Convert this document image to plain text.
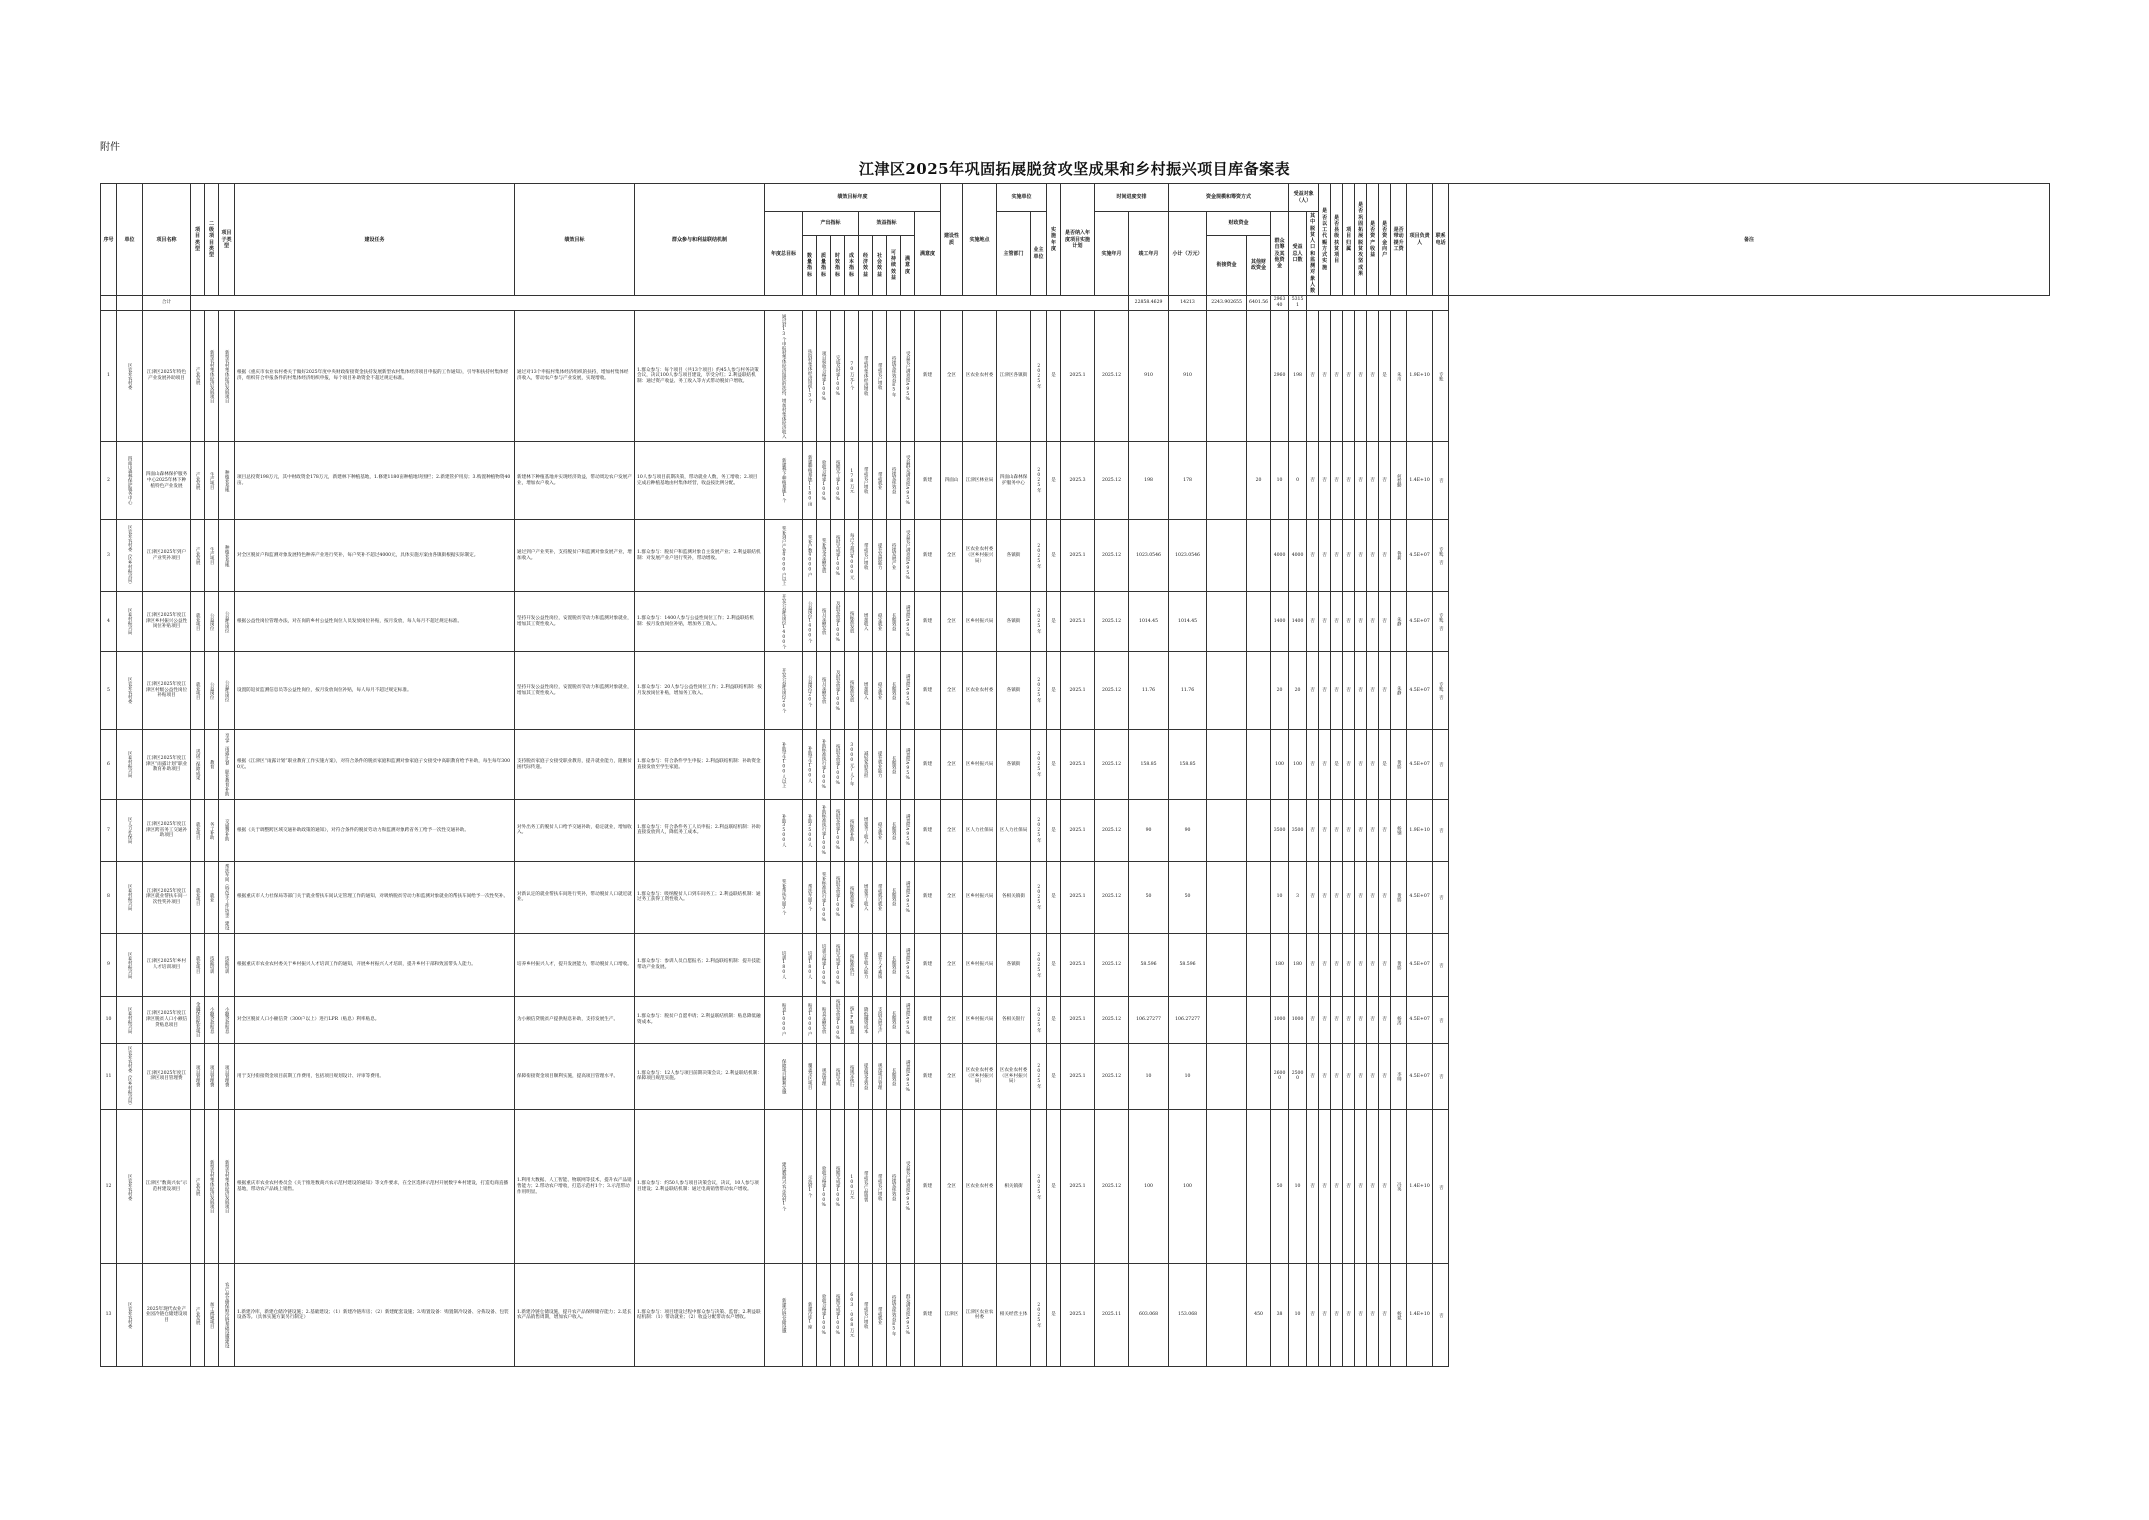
附件
江津区2025年巩固拓展脱贫攻坚成果和乡村振兴项目库备案表
序号	单位	项目名称	项目类型	二级项目类型	项目子类型	建设任务	绩效目标	群众参与和利益联结机制	绩效目标年度										建设性质	实施地点	实施单位		实施年度	是否纳入年度项目实施计划	时间进度安排		资金规模和筹资方式				受益对象（人）		是否以工代赈方式实施	是否县级扶贫项目	项目归属	是否巩固拓展脱贫攻坚成果	是否资产收益	是否资金向户	是否带动提升工资	项目负责人	联系电话	备注
									年度总目标	产出指标				效益指标				满意度			主管部门	业主单位			实施年月	竣工年月	小计（万元）	财政资金		群众自筹及其他资金	受益总人口数	其中脱贫人口和监测对象人数										
										数量指标	质量指标	时效指标	成本指标	经济效益	社会效益	可持续效益	满意度											衔接资金	其他财政资金													
		合计																								22858.4629	14213	2243.902655	6401.56	296340	53151											
1	区农业农村委	江津区2025年特色产业发展补助项目	产业发展	新型农村集体经济发展项目	新型农村集体经济发展项目	根据《重庆市农业农村委关于做好2025年度中央财政衔接资金扶持发展新型农村集体经济项目申报的工作通知》，引导和扶持村集体经济，组织符合申报条件的村集体经济组织申报，每个项目补助资金不超过规定标准。	通过对13个申报村集体经济组织的扶持，增加村集体经济收入，带动农户参与产业发展，实现增收。	1.群众参与：每个项目（共13个项目）约45人参与村务决策会议，决议100人参与项目建设，享受分红；2.利益联结机制：通过资产收益、务工收入等方式带动脱贫户增收。	通过对13个申报村集体经济组织的扶持，增加村集体经济收入	扶持村集体经济组织13个	项目验收合格率100%	完成及时率100%	70万元/个	带动村集体经济增收	带动农户增收	持续发挥效益≥5年	受益农户满意度≥95%	新建	全区	区农业农村委	江津区各镇街	2025年	是	2025.1	2025.12	910	910			2960	198	否	否	否	否	否	否	是	朱川	1.9E+10	专账	
2	四面山森林保护服务中心	四面山森林保护服务中心2025年林下种植特色产业发展	产业发展	生产项目	种植业基地	项目总投资198万元，其中财政资金178万元，新建林下种植基地，1.修建1180亩种植地块围栏；2.新建管护用房；3.购置种植物资40亩。	新建林下种植基地并实现经济效益，带动周边农户发展产业，增加农户收入。	10人参与项目前期决策，带动就业人数，务工增收；2.项目完成后种植基地由村集体经营，收益按比例分配。	新建林下种植基地1个	新建种植基地1180亩	验收合格率100%	按期完工率100%	178万元	带动农户增收	带动就业	持续发挥效益	受益群众满意度≥95%	新建	四面山	江津区林业局	四面山森林保护服务中心	2025年	是	2025.3	2025.12	198	178		20	10	0	否	否	否	否	否	否	否	何哲勤	1.4E+10	否	
3	区农业农村委（区乡村振兴局）	江津区2025年到户产业奖补项目	产业发展	生产项目	种植业基地	对全区脱贫户和监测对象发展特色种养产业进行奖补，每户奖补不超过4000元，具体实施方案由各镇街根据实际制定。	通过到户产业奖补，支持脱贫户和监测对象发展产业，增加收入。	1.群众参与：脱贫户和监测对象自主发展产业；2.利益联结机制：对发展产业户进行奖补，带动增收。	奖补到户产业4000户以上	奖补户数4000户	奖补资金足额发放	按时完成率100%	每户不超过4000元	带动农户增收	提升发展能力	持续发展产业	受益农户满意度≥95%	新建	全区	区农业农村委（区乡村振兴局）	各镇街	2025年	是	2025.1	2025.12	1023.0546	1023.0546			4000	4000	否	否	否	否	否	否	否	鲁莉	4.5E+07	专账，否	
4	区乡村振兴局	江津区2025年度江津区乡村振兴公益性岗位补贴项目	就业项目	公益岗位	公益性岗位	根据公益性岗位管理办法，对在岗的乡村公益性岗位人员发放岗位补贴，按月发放，每人每月不超过规定标准。	坚持开发公益性岗位，安置脱贫劳动力和监测对象就业，增加其工资性收入。	1.群众参与：1400人参与公益性岗位工作；2.利益联结机制：按月发放岗位补贴，增加务工收入。	开发公益性岗位1400个	公益岗位1400个	按月足额发放	及时发放率100%	按标准发放	增加收入	稳定就业	长期效益	满意度≥95%	新建	全区	区乡村振兴局	各镇街	2025年	是	2025.1	2025.12	1014.45	1014.45			1400	1400	否	否	否	否	否	否	否	朱静	4.5E+07	专账，否	
5	区农业农村委	江津区2025年度江津区村级公益性岗位补贴项目	就业项目	公益岗位	公益性岗位	设置防返贫监测信息员等公益性岗位，按月发放岗位补贴，每人每月不超过规定标准。	坚持开发公益性岗位，安置脱贫劳动力和监测对象就业，增加其工资性收入。	1.群众参与：20人参与公益性岗位工作；2.利益联结机制：按月发放岗位补贴，增加务工收入。	开发公益性岗位20个	公益岗位20个	按月足额发放	及时发放率100%	按标准发放	增加收入	稳定就业	长期效益	满意度≥95%	新建	全区	区农业农村委	各镇街	2025年	是	2025.1	2025.12	11.76	11.76			20	20	否	否	否	否	否	否	否	朱静	4.5E+07	专账，否	
6	区乡村振兴局	江津区2025年度江津区“雨露计划”职业教育补助项目	巩固三保障成果	教育	享受“雨露计划”职业教育补助	根据《江津区“雨露计划”职业教育工作实施方案》，对符合条件的脱贫家庭和监测对象家庭子女接受中高职教育给予补助，每生每年3000元。	支持脱贫家庭子女接受职业教育，提升就业能力，阻断贫困代际传递。	1.群众参与：符合条件学生申报；2.利益联结机制：补助资金直接发放至学生家庭。	补助学生100人以上	补助学生100人	补助标准执行率100%	按时发放率100%	3000元/人/年	减轻家庭负担	提升就业能力	长期效益	满意度≥95%	新建	全区	区乡村振兴局	各镇街	2025年	是	2025.1	2025.12	158.85	158.85			100	100	否	否	是	否	否	否	是	黄娇	4.5E+07	否	
7	区人力社保局	江津区2025年度江津区跨省务工交通补助项目	就业项目	务工补助	交通费补助	根据《关于调整跨区域交通补助政策的通知》，对符合条件的脱贫劳动力和监测对象跨省务工给予一次性交通补助。	对外出务工的脱贫人口给予交通补助，稳定就业，增加收入。	1.群众参与：符合条件务工人员申报；2.利益联结机制：补助直接发放到人，降低务工成本。	补助3500人	补助3500人	补助标准执行率100%	按时发放率100%	按标准补助	增加务工收入	稳定就业	长期效益	满意度≥95%	新建	全区	区人力社保局	区人力社保局	2025年	是	2025.1	2025.12	90	90			3500	3500	否	否	否	否	否	否	否	杨钢	1.9E+10	否	
8	区乡村振兴局	江津区2025年度江津区就业帮扶车间一次性奖补项目	就业项目	就业	帮扶车间（特色手工作坊等）建设	根据重庆市人力社保局等部门关于就业帮扶车间认定管理工作的通知，对吸纳脱贫劳动力和监测对象就业的帮扶车间给予一次性奖补。	对新认定的就业帮扶车间进行奖补，带动脱贫人口就近就业。	1.群众参与：吸纳脱贫人口到车间务工；2.利益联结机制：通过务工获得工资性收入。	奖补帮扶车间3个	帮扶车间3个	奖补标准执行率100%	按时发放率100%	按标准奖补	增加务工收入	带动就近就业	长期效益	满意度≥95%	新建	全区	区乡村振兴局	各相关镇街	2025年	是	2025.1	2025.12	50	50			10	3	否	否	否	否	否	否	否	黄娇	4.5E+07	否	
9	区乡村振兴局	江津区2025年乡村人才培训项目	就业项目	技能培训	技能培训	根据重庆市农业农村委关于乡村振兴人才培训工作的通知，开展乡村振兴人才培训，提升乡村干部和致富带头人能力。	培养乡村振兴人才，提升发展能力，带动脱贫人口增收。	1.群众参与：参训人员自愿报名；2.利益联结机制：提升技能带动产业发展。	培训180人	培训180人	培训合格率100%	按时完成率100%	按标准执行	提升收入能力	提升人才素质	长期效益	满意度≥95%	新建	全区	区乡村振兴局	各镇街	2025年	是	2025.1	2025.12	58.596	58.596			180	180	否	否	否	否	否	否	否	黄娇	4.5E+07	否	
10	区乡村振兴局	江津区2025年度江津区脱贫人口小额信贷贴息项目	金融保险配套项目	小额贷款贴息	小额贷款贴息	对全区脱贫人口小额信贷（300户以上）进行LPR（贴息）利率贴息。	为小额信贷脱贫户提供贴息补助，支持发展生产。	1.群众参与：脱贫户自愿申请；2.利益联结机制：贴息降低融资成本。	贴息1000户	贴息1000户	贴息足额发放	按时发放率100%	按LPR贴息	降低融资成本	支持发展生产	长期效益	满意度≥95%	新建	全区	区乡村振兴局	各相关银行	2025年	是	2025.1	2025.12	106.27277	106.27277			1000	1000	否	否	否	否	否	否	否	杨涛	4.5E+07	否	
11	区农业农村委（区乡村振兴局）	江津区2025年度江津区项目管理费	项目管理费	项目管理费	项目管理费	用于支付衔接资金项目前期工作费用，包括项目规划设计、评审等费用。	保障衔接资金项目顺利实施，提高项目管理水平。	1.群众参与：12人参与项目前期决策会议；2.利益联结机制：保障项目规范实施。	保障项目顺利实施	覆盖全区项目	规范管理	按时完成	按规定执行	提高资金效益	规范项目管理	长期效益	满意度≥95%	新建	全区	区农业农村委（区乡村振兴局）	区农业农村委（区乡村振兴局）	2025年	是	2025.1	2025.12	10	10			26000	25000	否	否	否	否	否	否	否	李帅	4.5E+07	否	
12	区农业农村委	江津区“数商兴农”示范村建设项目	产业发展	新型农村集体经济发展项目	新型农村集体经济发展项目	根据重庆市农业农村委员会《关于推进数商兴农示范村建设的通知》等文件要求，在全区选择示范村开展数字乡村建设，打造电商直播基地，带动农产品线上销售。	1.利用大数据、人工智能、物联网等技术，提升农产品销售能力；2.带动农户增收，打造示范村1个；3.示范带动作用明显。	1.群众参与：约50人参与项目决策会议，决议，10人参与项目建设；2.利益联结机制：通过电商销售带动农户增收。	建设数商兴农示范村1个	示范村1个	验收合格率100%	按期完成率100%	100万元	带动农产品销售	带动农户增收	持续发挥效益	受益农户满意度≥95%	新建	全区	区农业农村委	相关镇街	2025年	是	2025.1	2025.12	100	100			50	10	否	否	否	否	否	否	否	冯英	1.4E+10	否	
13	区农业农村委	2025年现代农业产业园冷链仓储建设项目	产业发展	加工流通项目	农产品仓储保鲜冷链基础设施建设	1.新建冷库，新建仓储冷链设施；2.基础建设；（1）新建冷链库房；（2）新建配套设施；3.购置设备：购置制冷设备、分拣设备、包装设备等。（具体实施方案另行制定）	1.新建冷链仓储设施，提升农产品保鲜储存能力；2.延长农产品销售周期，增加农户收入。	1.群众参与：项目建设过程中群众参与决策、监督；2.利益联结机制：（1）带动就业；（2）收益分配带动农户增收。	新建冷链仓储设施	新建冷库1座	验收合格率100%	按期完成率100%	603.068万元	带动农户增收	带动就业	持续发挥效益≥5年	群众满意度≥95%	新建	江津区	江津区农业农村委	相关经营主体	2025年	是	2025.1	2025.11	603.068	153.068		450	38	10	否	否	否	否	否	否	否	杨斌	1.4E+10	否	
